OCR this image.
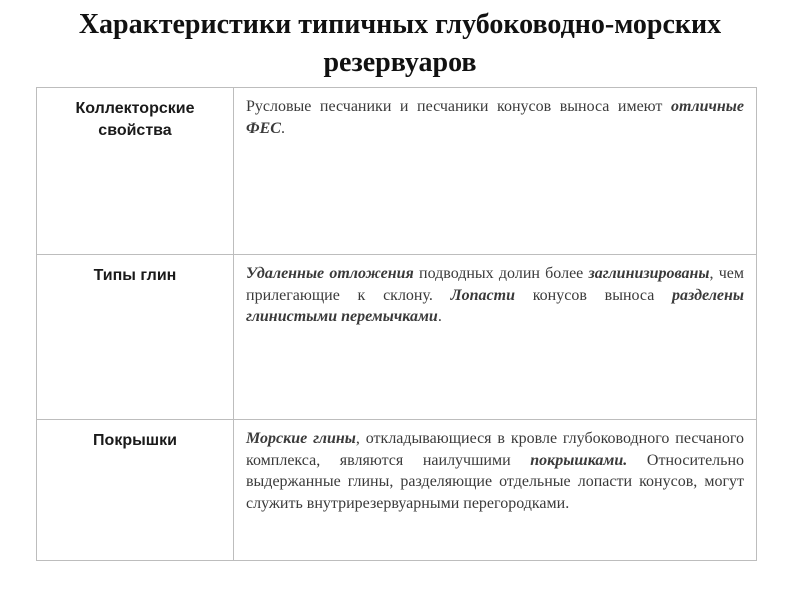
Характеристики типичных глубоководно-морских
резервуаров
Коллекторские свойства	Русловые песчаники и песчаники конусов выноса имеют отличные ФЕС.

Типы глин	Удаленные отложения подводных долин более заглинизированы, чем прилегающие к склону. Лопасти конусов выноса разделены глинистыми перемычками.

Покрышки	Морские глины, откладывающиеся в кровле глубоководного песчаного комплекса, являются наилучшими покрышками. Относительно выдержанные глины, разделяющие отдельные лопасти конусов, могут служить внутрирезервуарными перегородками.
